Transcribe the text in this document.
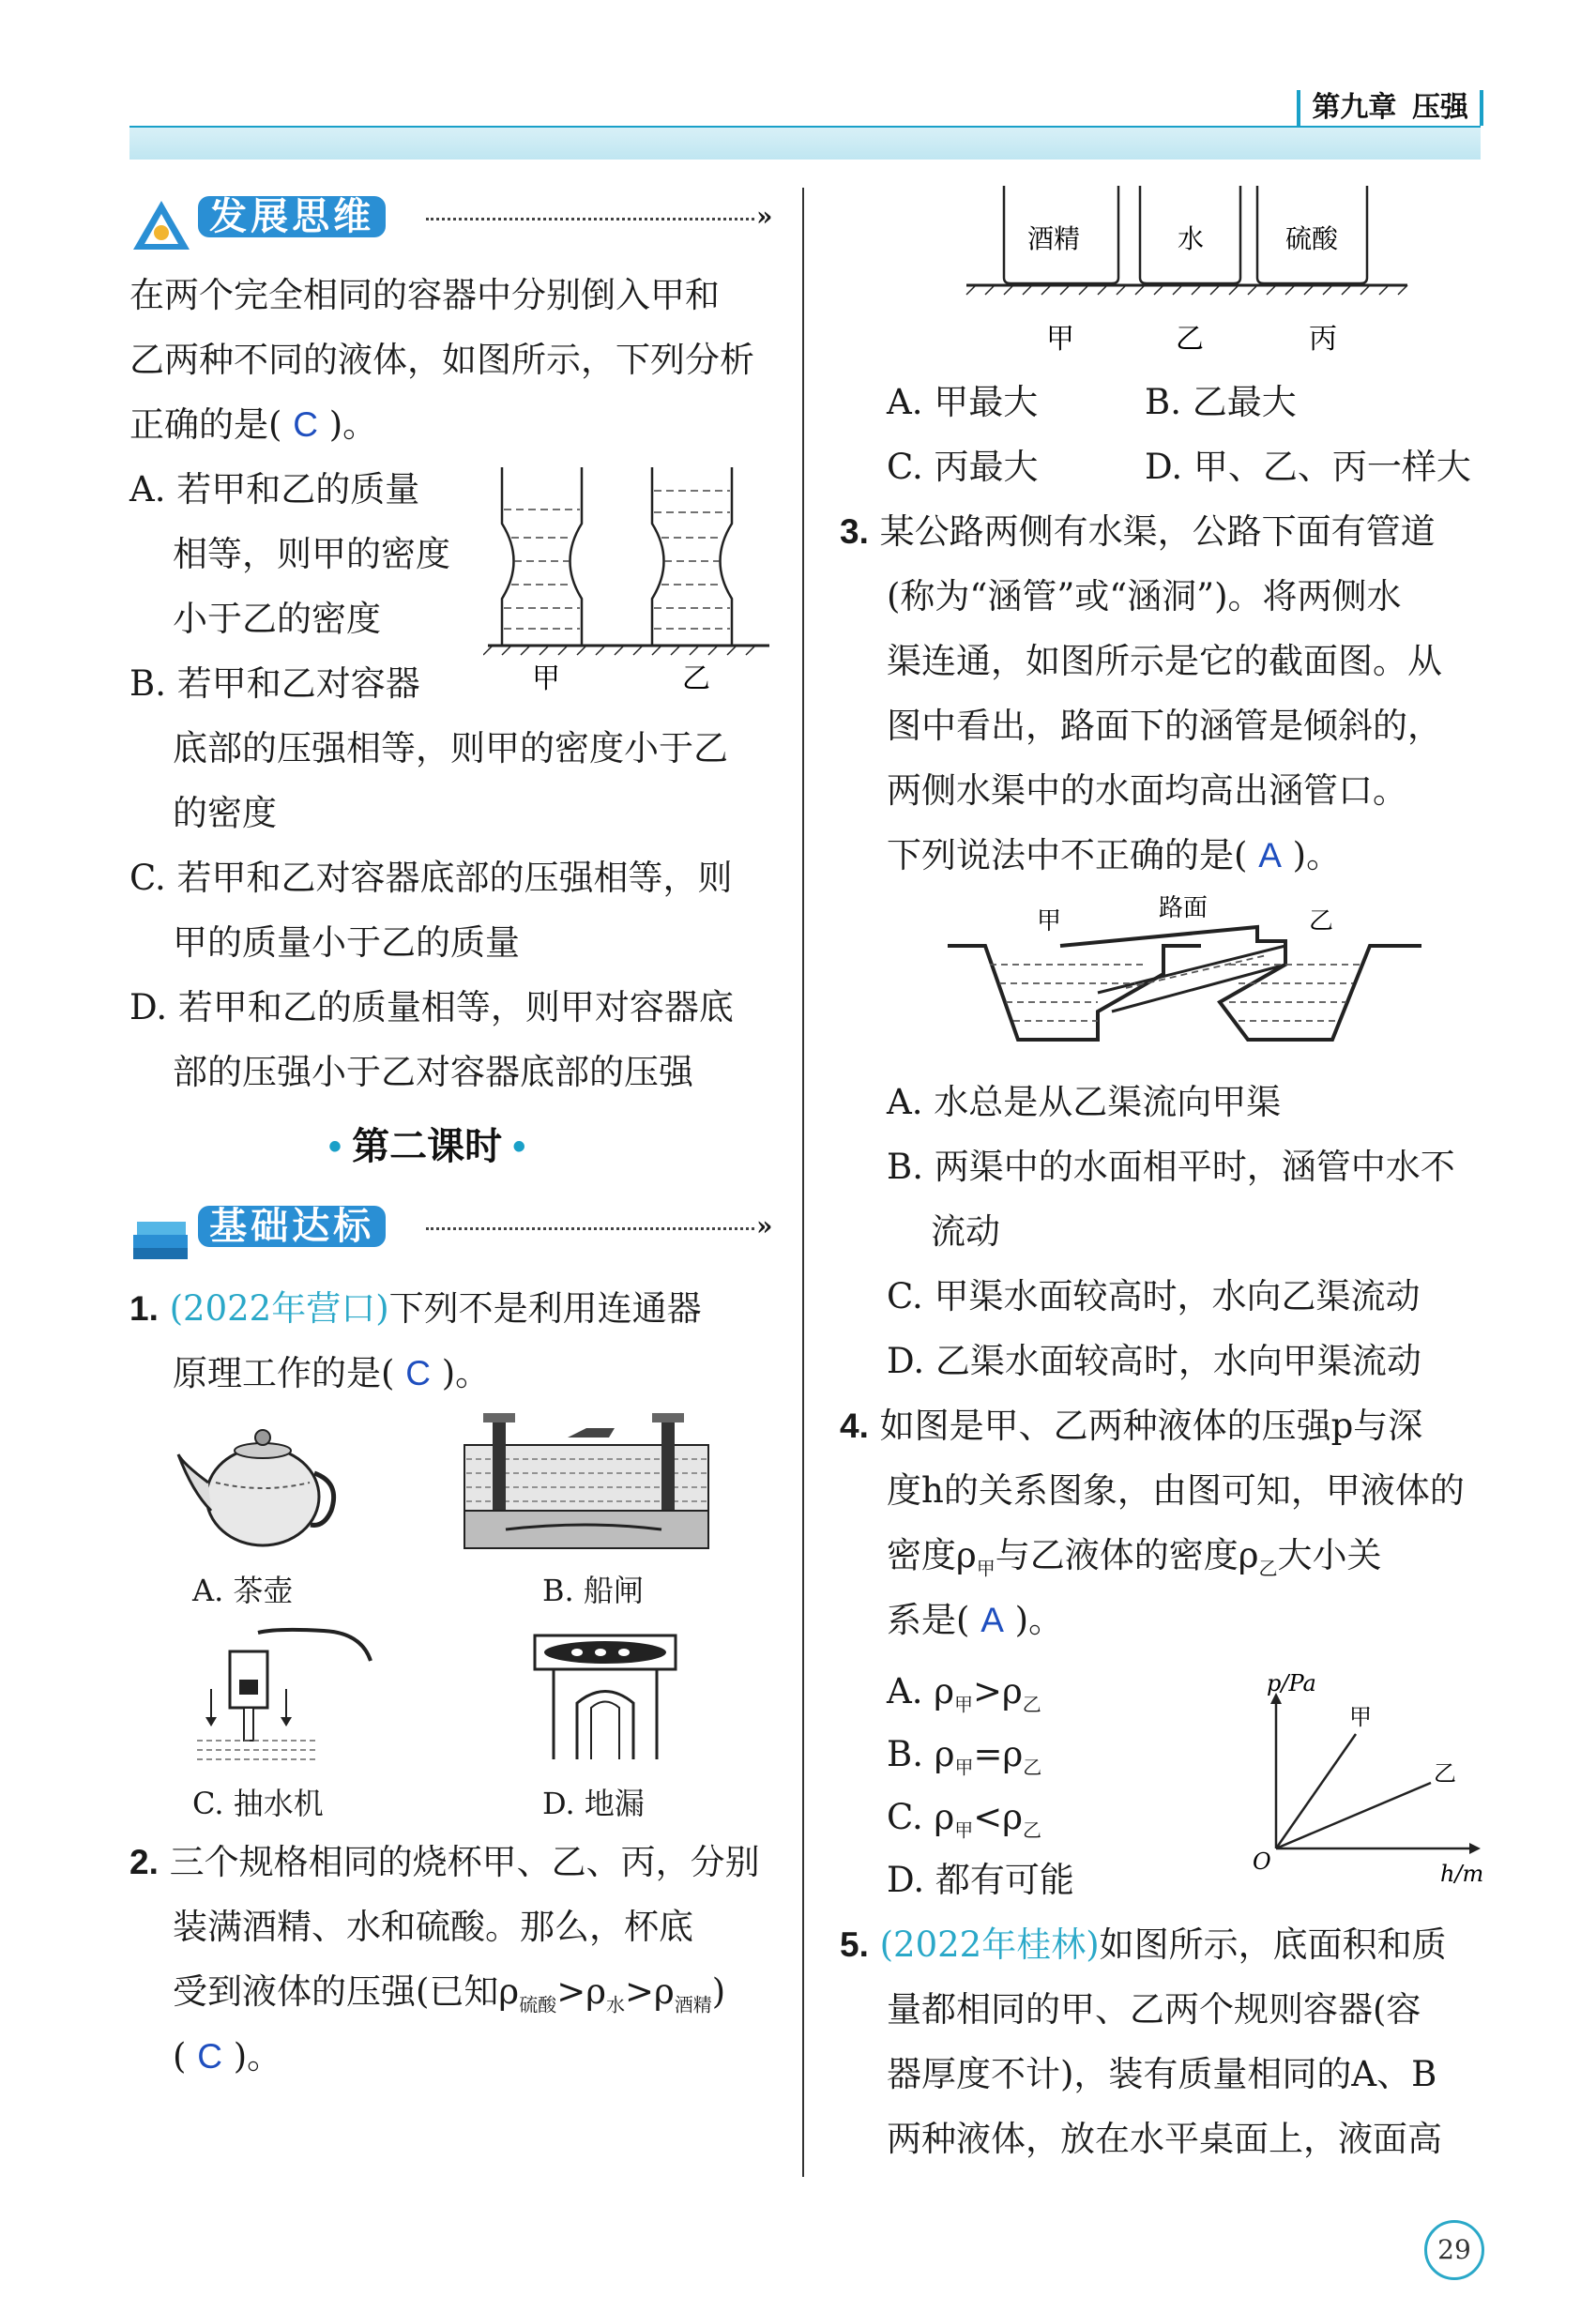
第九章 压强
发展思维	»
在两个完全相同的容器中分别倒入甲和
乙两种不同的液体，如图所示，下列分析
正确的是( C )。
A. 若甲和乙的质量
相等，则甲的密度
小于乙的密度
甲	乙
B. 若甲和乙对容器
底部的压强相等，则甲的密度小于乙
的密度
C. 若甲和乙对容器底部的压强相等，则
甲的质量小于乙的质量
D. 若甲和乙的质量相等，则甲对容器底
部的压强小于乙对容器底部的压强
• 第二课时 •
基础达标	»
1. (2022年营口)下列不是利用连通器
原理工作的是( C )。
A. 茶壶	B. 船闸
C. 抽水机	D. 地漏
2. 三个规格相同的烧杯甲、乙、丙，分别
装满酒精、水和硫酸。那么，杯底
受到液体的压强(已知$\rho_{硫酸}>\rho_水>\rho_{酒精}$)
( C )。
酒精	水	硫酸
甲	乙	丙
A. 甲最大	B. 乙最大
C. 丙最大	D. 甲、乙、丙一样大
3. 某公路两侧有水渠，公路下面有管道
(称为“涵管”或“涵洞”)。将两侧水
渠连通，如图所示是它的截面图。从
图中看出，路面下的涵管是倾斜的，
两侧水渠中的水面均高出涵管口。
下列说法中不正确的是( A )。
甲	路面	乙
A. 水总是从乙渠流向甲渠
B. 两渠中的水面相平时，涵管中水不
流动
C. 甲渠水面较高时，水向乙渠流动
D. 乙渠水面较高时，水向甲渠流动
4. 如图是甲、乙两种液体的压强p与深
度h的关系图象，由图可知，甲液体的
密度$\rho_甲$与乙液体的密度$\rho_乙$大小关
系是( A )。
A. $\rho_甲>\rho_乙$
B. $\rho_甲=\rho_乙$
C. $\rho_甲<\rho_乙$
D. 都有可能
p/Pa
h/m
O
甲
乙
5. (2022年桂林)如图所示，底面积和质
量都相同的甲、乙两个规则容器(容
器厚度不计)，装有质量相同的A、B
两种液体，放在水平桌面上，液面高
29
